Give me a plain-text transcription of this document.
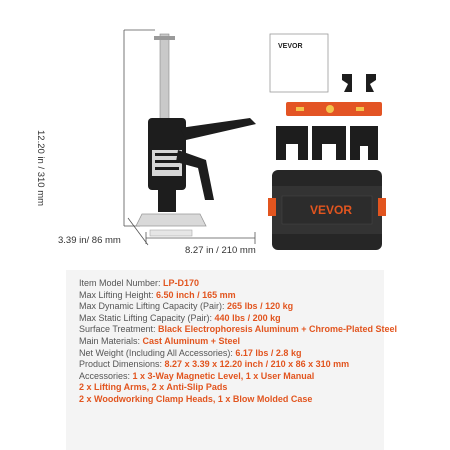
VEVOR
VEVOR
12.20 in / 310 mm
3.39 in/ 86 mm
8.27 in / 210 mm
Item Model Number: LP-D170
Max Lifting Height: 6.50 inch / 165 mm
Max Dynamic Lifting Capacity (Pair): 265 lbs / 120 kg
Max Static Lifting Capacity (Pair): 440 lbs / 200 kg
Surface Treatment: Black Electrophoresis Aluminum + Chrome-Plated Steel
Main Materials: Cast Aluminum + Steel
Net Weight (Including All Accessories): 6.17 lbs / 2.8 kg
Product Dimensions: 8.27 x 3.39 x 12.20 inch / 210 x 86 x 310 mm
Accessories: 1 x 3-Way Magnetic Level, 1 x User Manual
2 x Lifting Arms, 2 x Anti-Slip Pads
2 x Woodworking Clamp Heads, 1 x Blow Molded Case
